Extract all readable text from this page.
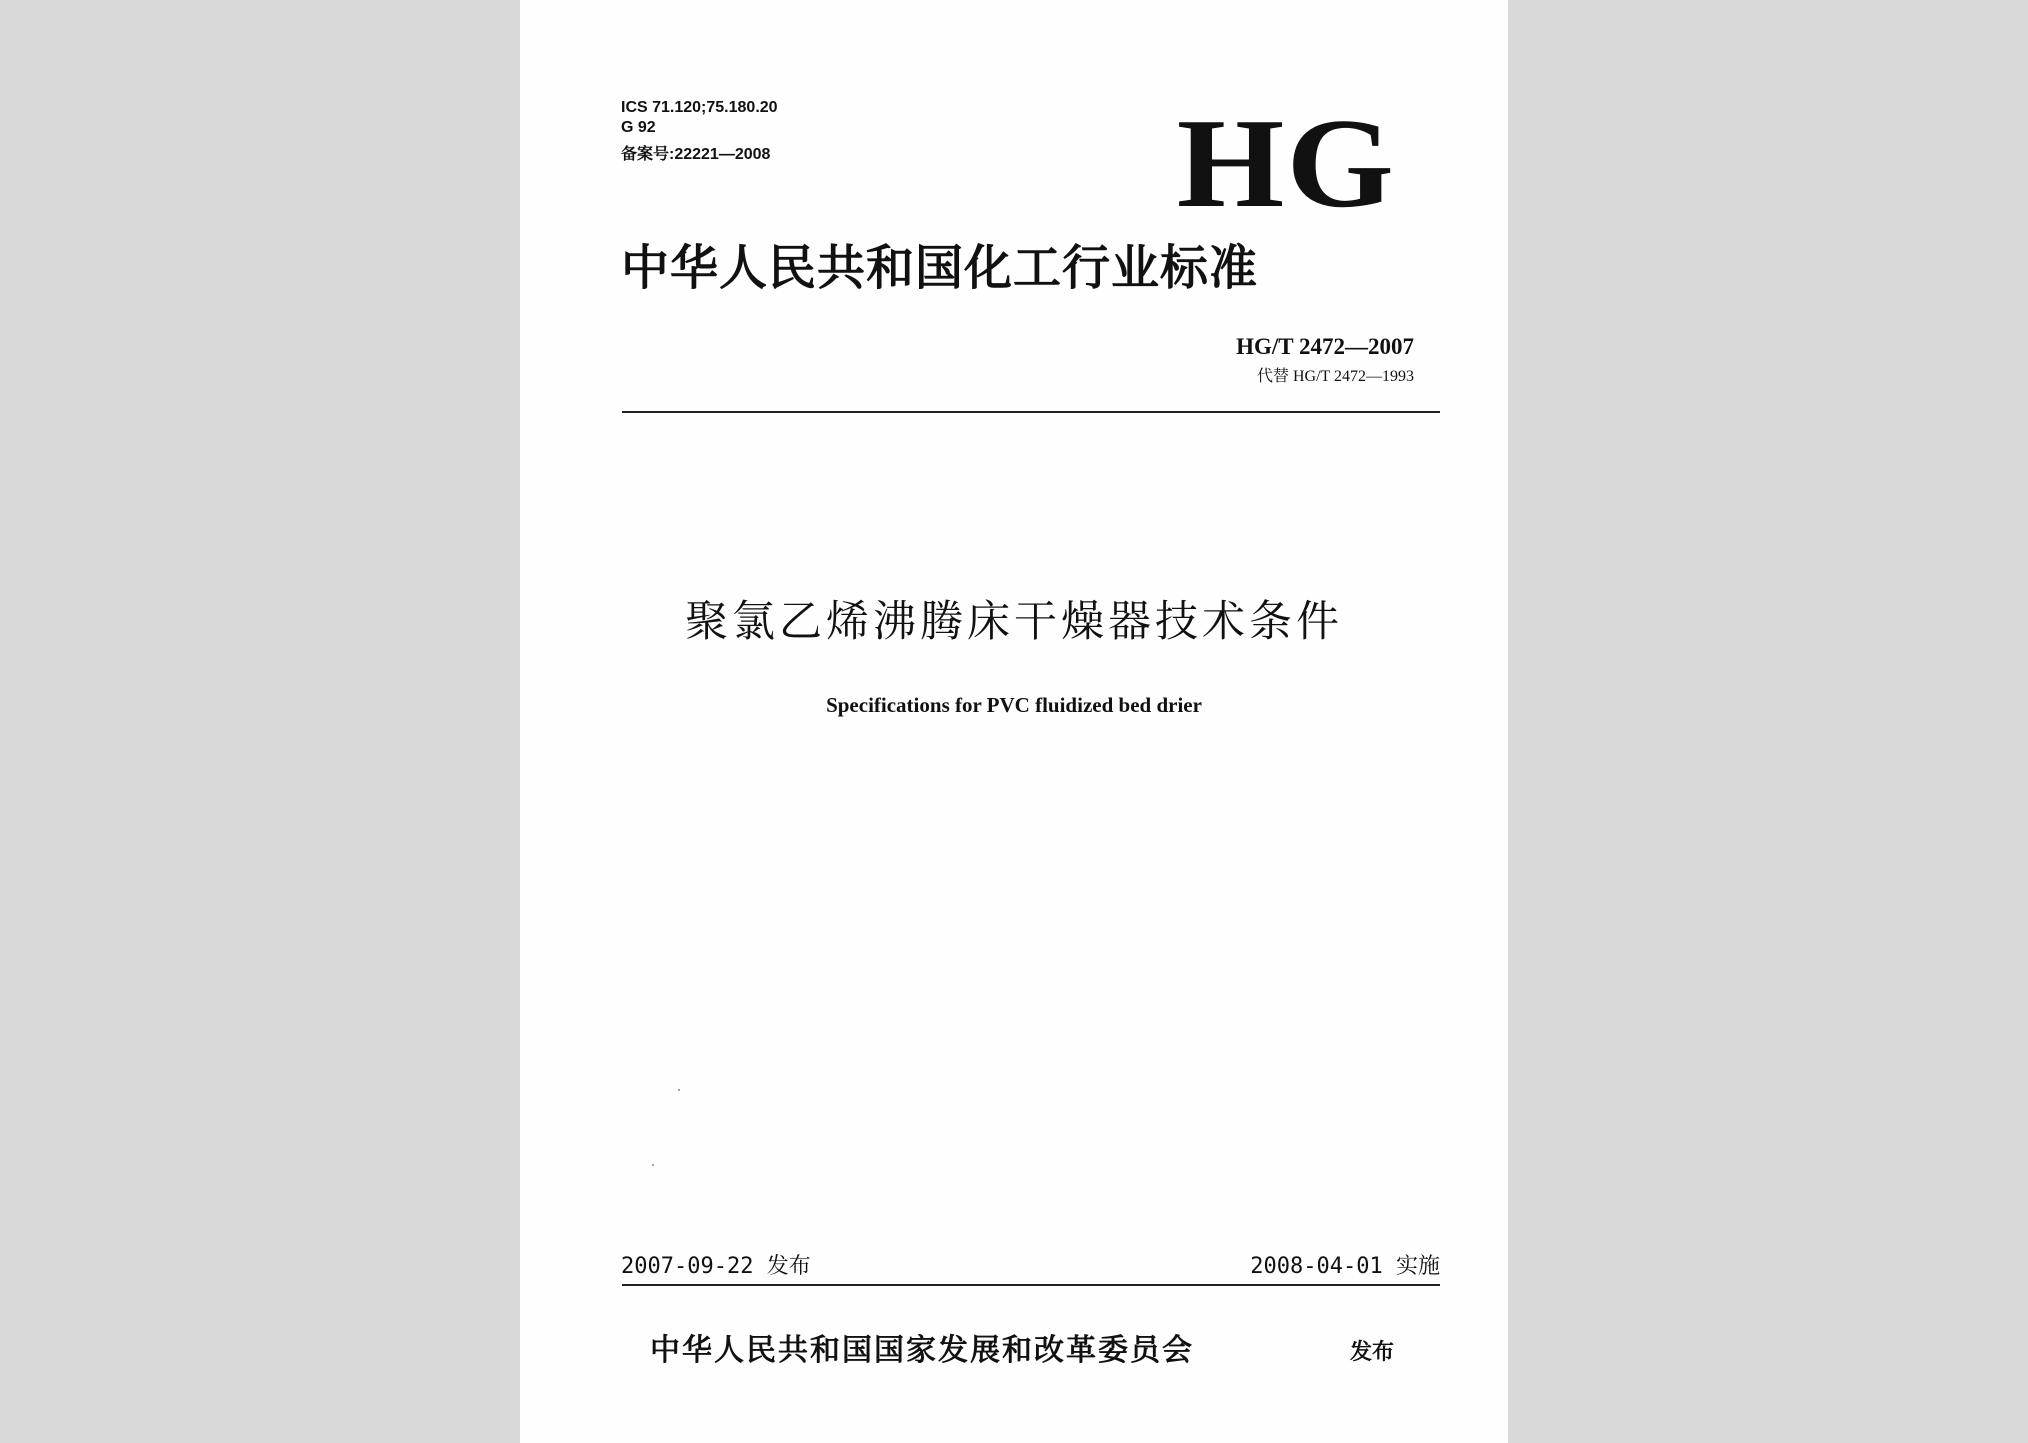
ICS 71.120;75.180.20
G 92
备案号:22221—2008	HG
中华人民共和国化工行业标准
HG/T 2472—2007
代替 HG/T 2472—1993
聚氯乙烯沸腾床干燥器技术条件
Specifications for PVC fluidized bed drier
2007-09-22 发布	2008-04-01 实施
中华人民共和国国家发展和改革委员会	发布
